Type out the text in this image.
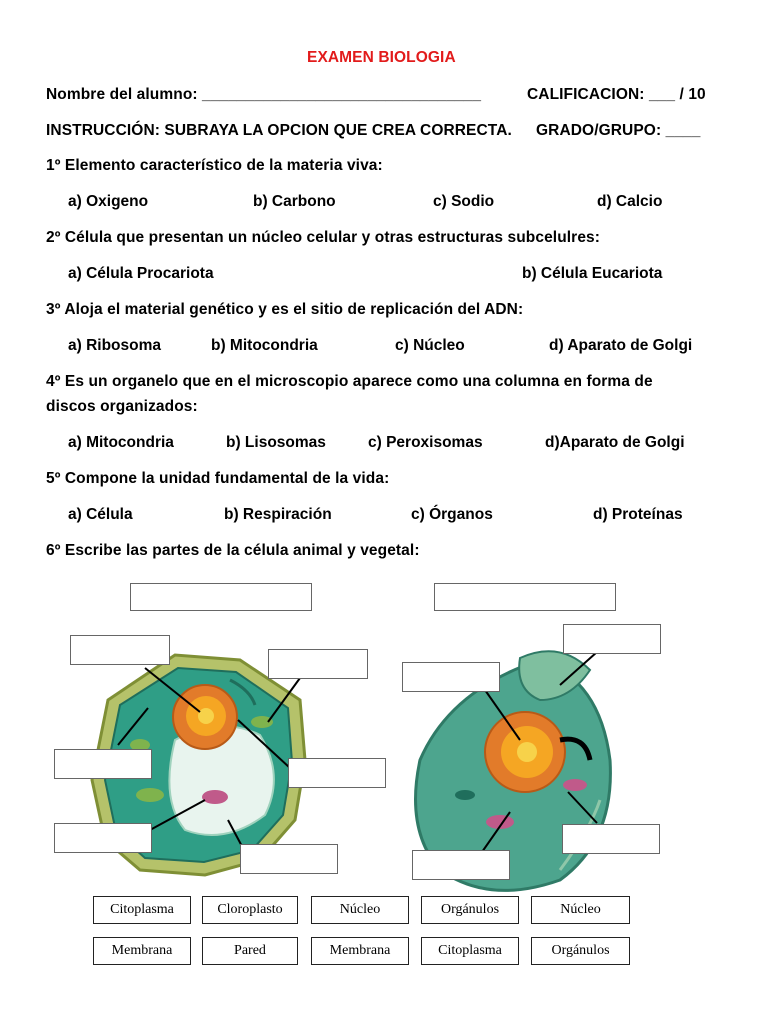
EXAMEN BIOLOGIA
Nombre del alumno: ________________________________	CALIFICACION: ___ / 10
INSTRUCCIÓN: SUBRAYA LA OPCION QUE CREA CORRECTA. GRADO/GRUPO: ____
1º Elemento característico de la materia viva:
a) Oxigeno	b) Carbono	c) Sodio	d) Calcio
2º Célula que presentan un núcleo celular y otras estructuras subcelulres:
a) Célula Procariota	b) Célula Eucariota
3º Aloja el material genético y es el sitio de replicación del ADN:
a) Ribosoma	b) Mitocondria	c) Núcleo	d) Aparato de Golgi
4º Es un organelo que en el microscopio aparece como una columna en forma de
discos organizados:
a) Mitocondria	b) Lisosomas	c) Peroxisomas	d)Aparato de Golgi
5º Compone la unidad fundamental de la vida:
a) Célula	b) Respiración	c) Órganos	d) Proteínas
6º Escribe las partes de la célula animal y vegetal:
Citoplasma	Cloroplasto	Núcleo	Orgánulos	Núcleo
Membrana	Pared	Membrana	Citoplasma	Orgánulos
